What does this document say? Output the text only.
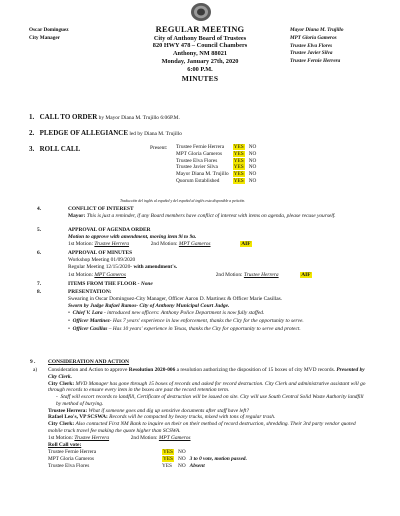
Oscar Dominguez
City Manager
REGULAR MEETING
City of Anthony Board of Trustees
820 HWY 478 – Council Chambers
Anthony, NM 88021
Monday, January 27th, 2020
6:00 P.M.
MINUTES
Mayor Diana M. Trujillo
MPT Gloria Gameros
Trustee Elva Flores
Trustee Javier Silva
Trustee Fernie Herrera
1. CALL TO ORDER by Mayor Diana M. Trujillo 6:06P.M.
2. PLEDGE OF ALLEGIANCE led by Diana M. Trujillo
3. ROLL CALL	Present: Trustee Fernie Herrera	YES	NO
MPT Gloria Gameros	YES	NO
Trustee Elva Flores	YES	NO
Trustee Javier Silva	YES	NO
Mayor Diana M. Trujillo	YES	NO
Quorum Established	YES	NO
Traducción del inglés al español y del español al inglés esta disponible a petición.
4.	CONFLICT OF INTEREST
Mayor: This is just a reminder, if any Board members have conflict of interest with items on agenda, please recuse yourself.
5.	APPROVAL OF AGENDA ORDER
Motion to approve with amendment, moving item 9i to 9a.
1st Motion: Trustee Herrera	2nd Motion: MPT Gameros	AIF
6.	APPROVAL OF MINUTES
Workshop Meeting 01/09/2020
Regular Meeting 12/15/2020- with amendment's.
1st Motion: MPT Gameros	2nd Motion: Trustee Herrera	AIF
7.	ITEMS FROM THE FLOOR - None
8.	PRESENTATION:
Swearing in Oscar Dominguez-City Manager, Officer Aaron D. Martinez & Officer Marie Casillas.
Sworn by Judge Rafael Ramos- City of Anthony Municipal Court Judge.
•  Chief V. Lara - introduced new officers: Anthony Police Department is now fully staffed.
•  Officer Martinez- Has 7 years' experience in law enforcement, thanks the City for the opportunity to serve.
•  Officer Casillas – Has 10 years' experience in Texas, thanks the City for opportunity to serve and protect.
9 . CONSIDERATION AND ACTION
a) Consideration and Action to approve Resolution 2020-006 a resolution authorizing the disposition of 15 boxes of city MVD records. Presented by City Clerk.
City Clerk: MVD Manager has gone through 15 boxes of records and asked for record destruction. City Clerk and administrative assistant will go through records to ensure every item in the boxes are past the record retention term.
-  Staff will escort records to landfill, Certificate of destruction will be issued on site. City will use South Central Solid Waste Authority landfill by method of burying.
Trustee Herrera: What if someone goes and dig up sensitive documents after staff have left?
Rafael Leo's, VP SCSWA: Records will be compacted by heavy trucks, mixed with tons of regular trash.
City Clerk: Also contacted First NM Bank to inquire on their on their method of record destruction, shredding. Their 3rd party vendor quoted mobile truck travel fee making the quote higher than SCSWA.
1st Motion: Trustee Herrera	2nd Motion: MPT Gameros
Roll Call vote:
Trustee Fernie Herrera	YES	NO	
MPT Gloria Gameros	YES	NO	3 to 0 vote, motion passed.
Trustee Elva Flores	YES	NO	Absent
